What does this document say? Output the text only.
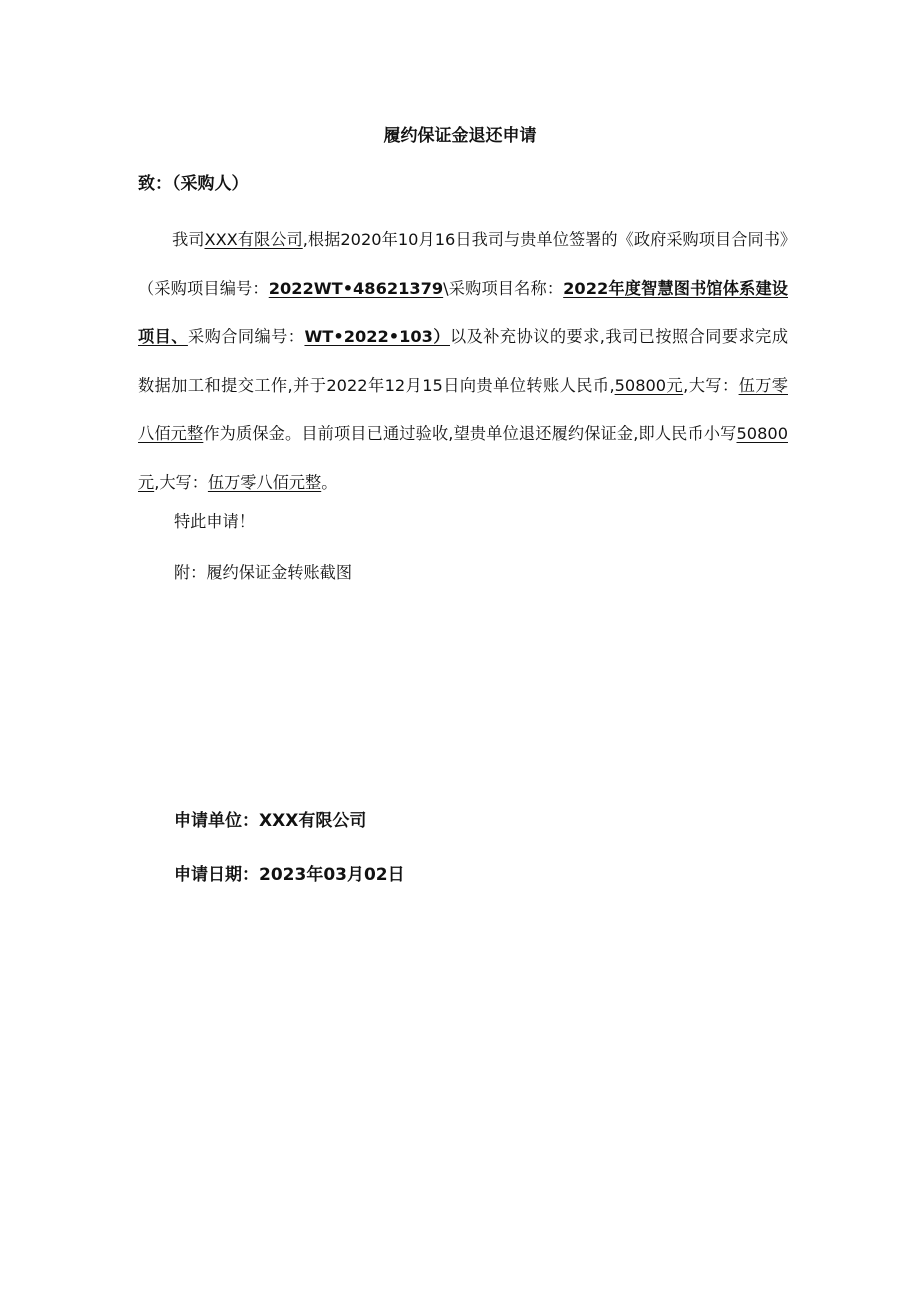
履约保证金退还申请
致：（采购人）

我司XXX有限公司,根据2020年10月16日我司与贵单位签署的《政府采购项目合同书》（采购项目编号：2022WT•48621379\采购项目名称：2022年度智慧图书馆体系建设项目、采购合同编号：WT•2022•103）以及补充协议的要求,我司已按照合同要求完成数据加工和提交工作,并于2022年12月15日向贵单位转账人民币,50800元,大写：伍万零八佰元整作为质保金。目前项目已通过验收,望贵单位退还履约保证金,即人民币小写50800元,大写：伍万零八佰元整。

特此申请！
附：履约保证金转账截图
申请单位：XXX有限公司
申请日期：2023年03月02日
